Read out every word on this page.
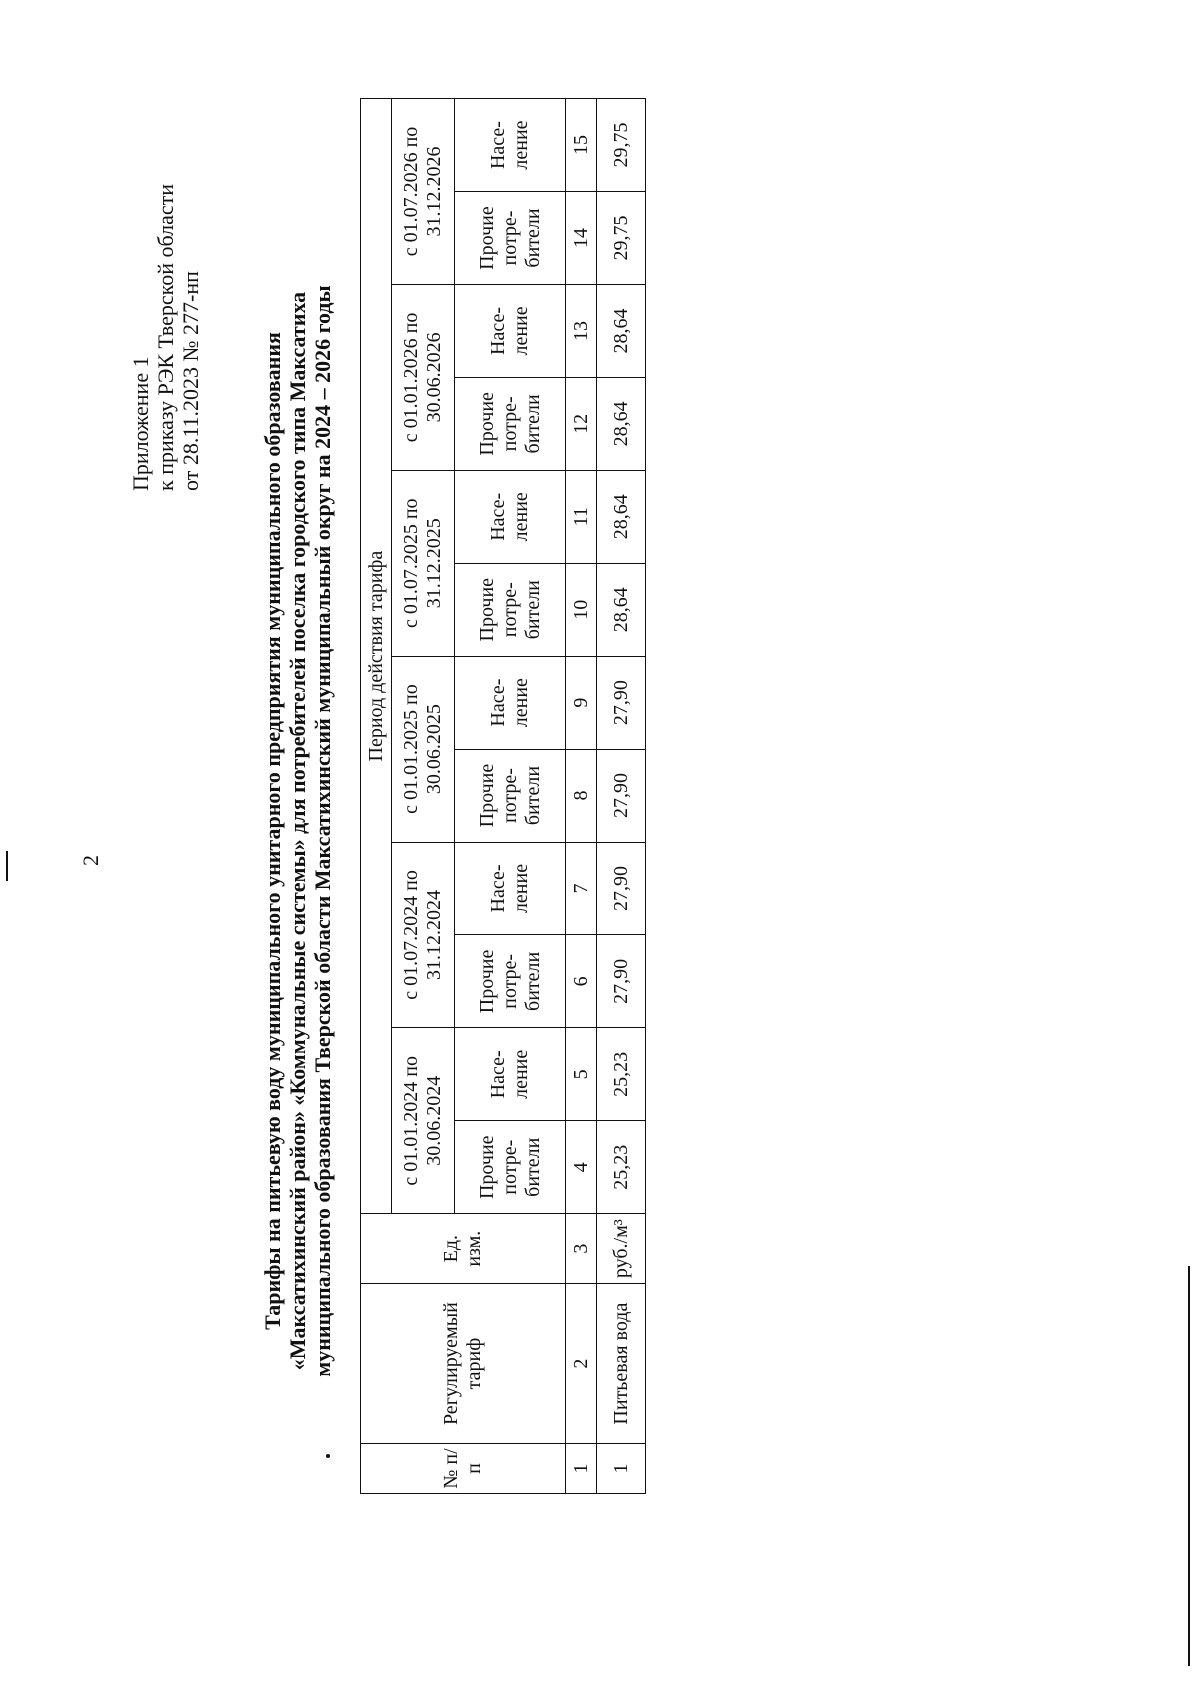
2
Приложение 1 к приказу РЭК Тверской области от 28.11.2023 № 277-нп	Тарифы на питьевую воду муниципального унитарного предприятия муниципального образования «Максатихинский район» «Коммунальные системы» для потребителей поселка городского типа Максатиха муниципального образования Тверской области Максатихинский муниципальный округ на 2024 – 2026 годы
№ п/ п	Регулируемый тариф	Ед. изм.	Период действия тарифа											
			с 01.01.2024 по 30.06.2024		с 01.07.2024 по 31.12.2024		с 01.01.2025 по 30.06.2025		с 01.07.2025 по 31.12.2025		с 01.01.2026 по 30.06.2026		с 01.07.2026 по 31.12.2026	
			Прочие потре-бители	Насе-ление	Прочие потре-бители	Насе-ление	Прочие потре-бители	Насе-ление	Прочие потре-бители	Насе-ление	Прочие потре-бители	Насе-ление	Прочие потре-бители	Насе-ление
1	2	3	4	5	6	7	8	9	10	11	12	13	14	15
1	Питьевая вода	руб./м³	25,23	25,23	27,90	27,90	27,90	27,90	28,64	28,64	28,64	28,64	29,75	29,75
